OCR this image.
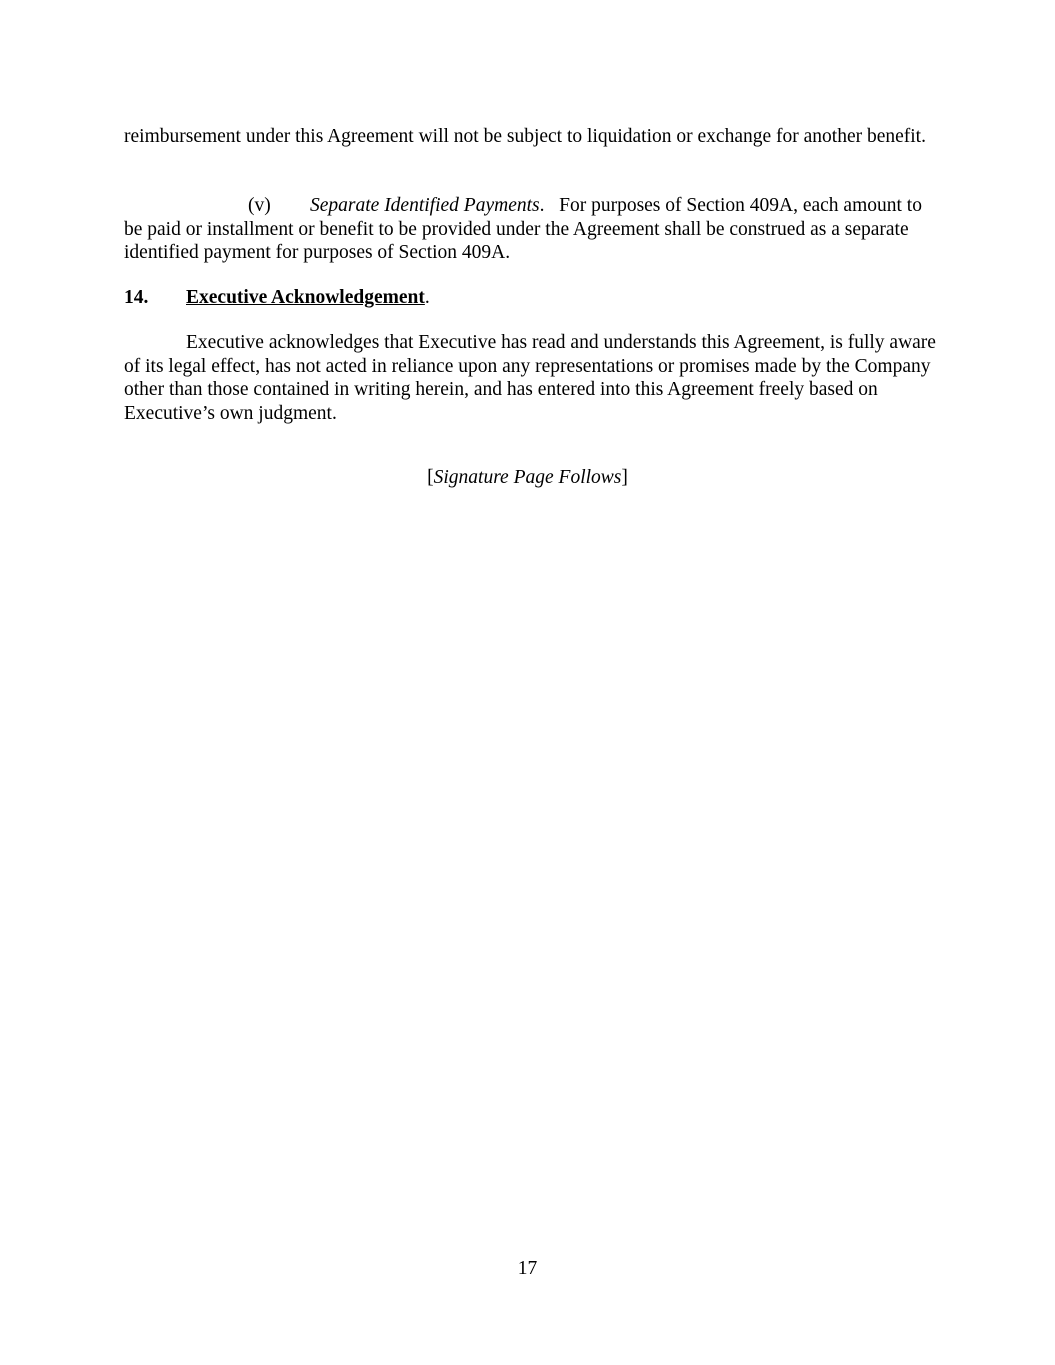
reimbursement under this Agreement will not be subject to liquidation or exchange for another benefit.

(v) Separate Identified Payments. For purposes of Section 409A, each amount to be paid or installment or benefit to be provided under the Agreement shall be construed as a separate identified payment for purposes of Section 409A.

14. Executive Acknowledgement.

Executive acknowledges that Executive has read and understands this Agreement, is fully aware of its legal effect, has not acted in reliance upon any representations or promises made by the Company other than those contained in writing herein, and has entered into this Agreement freely based on Executive’s own judgment.

[Signature Page Follows]

17
